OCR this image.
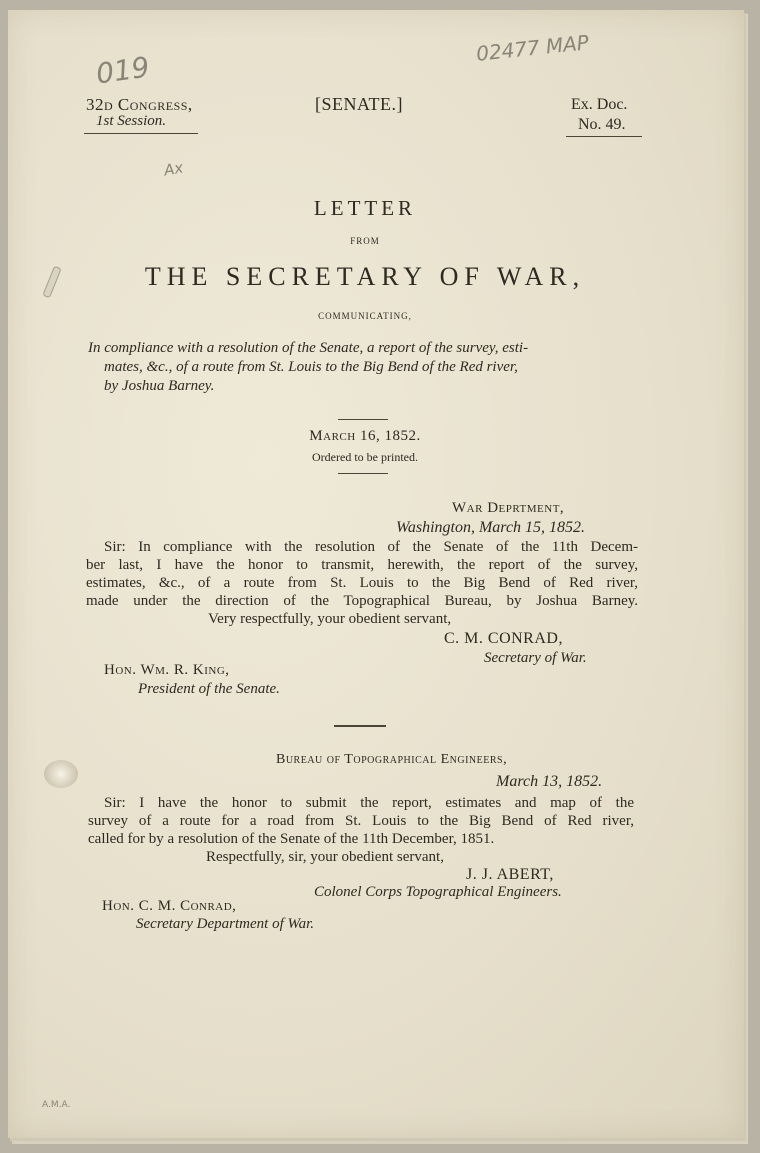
019
02477 MAP
Ax
A.M.A.
32d Congress,
1st Session.
[SENATE.]	Ex. Doc.
No. 49.
LETTER
FROM
THE SECRETARY OF WAR,
COMMUNICATING,
In compliance with a resolution of the Senate, a report of the survey, esti-
mates, &c., of a route from St. Louis to the Big Bend of the Red river,
by Joshua Barney.
March 16, 1852.
Ordered to be printed.
War Deprtment,
Washington, March 15, 1852.
Sir: In compliance with the resolution of the Senate of the 11th Decem-
ber last, I have the honor to transmit, herewith, the report of the survey,
estimates, &c., of a route from St. Louis to the Big Bend of Red river,
made under the direction of the Topographical Bureau, by Joshua Barney.
Very respectfully, your obedient servant,
C. M. CONRAD,
Secretary of War.
Hon. Wm. R. King,
President of the Senate.
Bureau of Topographical Engineers,
March 13, 1852.
Sir: I have the honor to submit the report, estimates and map of the
survey of a route for a road from St. Louis to the Big Bend of Red river,
called for by a resolution of the Senate of the 11th December, 1851.
Respectfully, sir, your obedient servant,
J. J. ABERT,
Colonel Corps Topographical Engineers.
Hon. C. M. Conrad,
Secretary Department of War.
